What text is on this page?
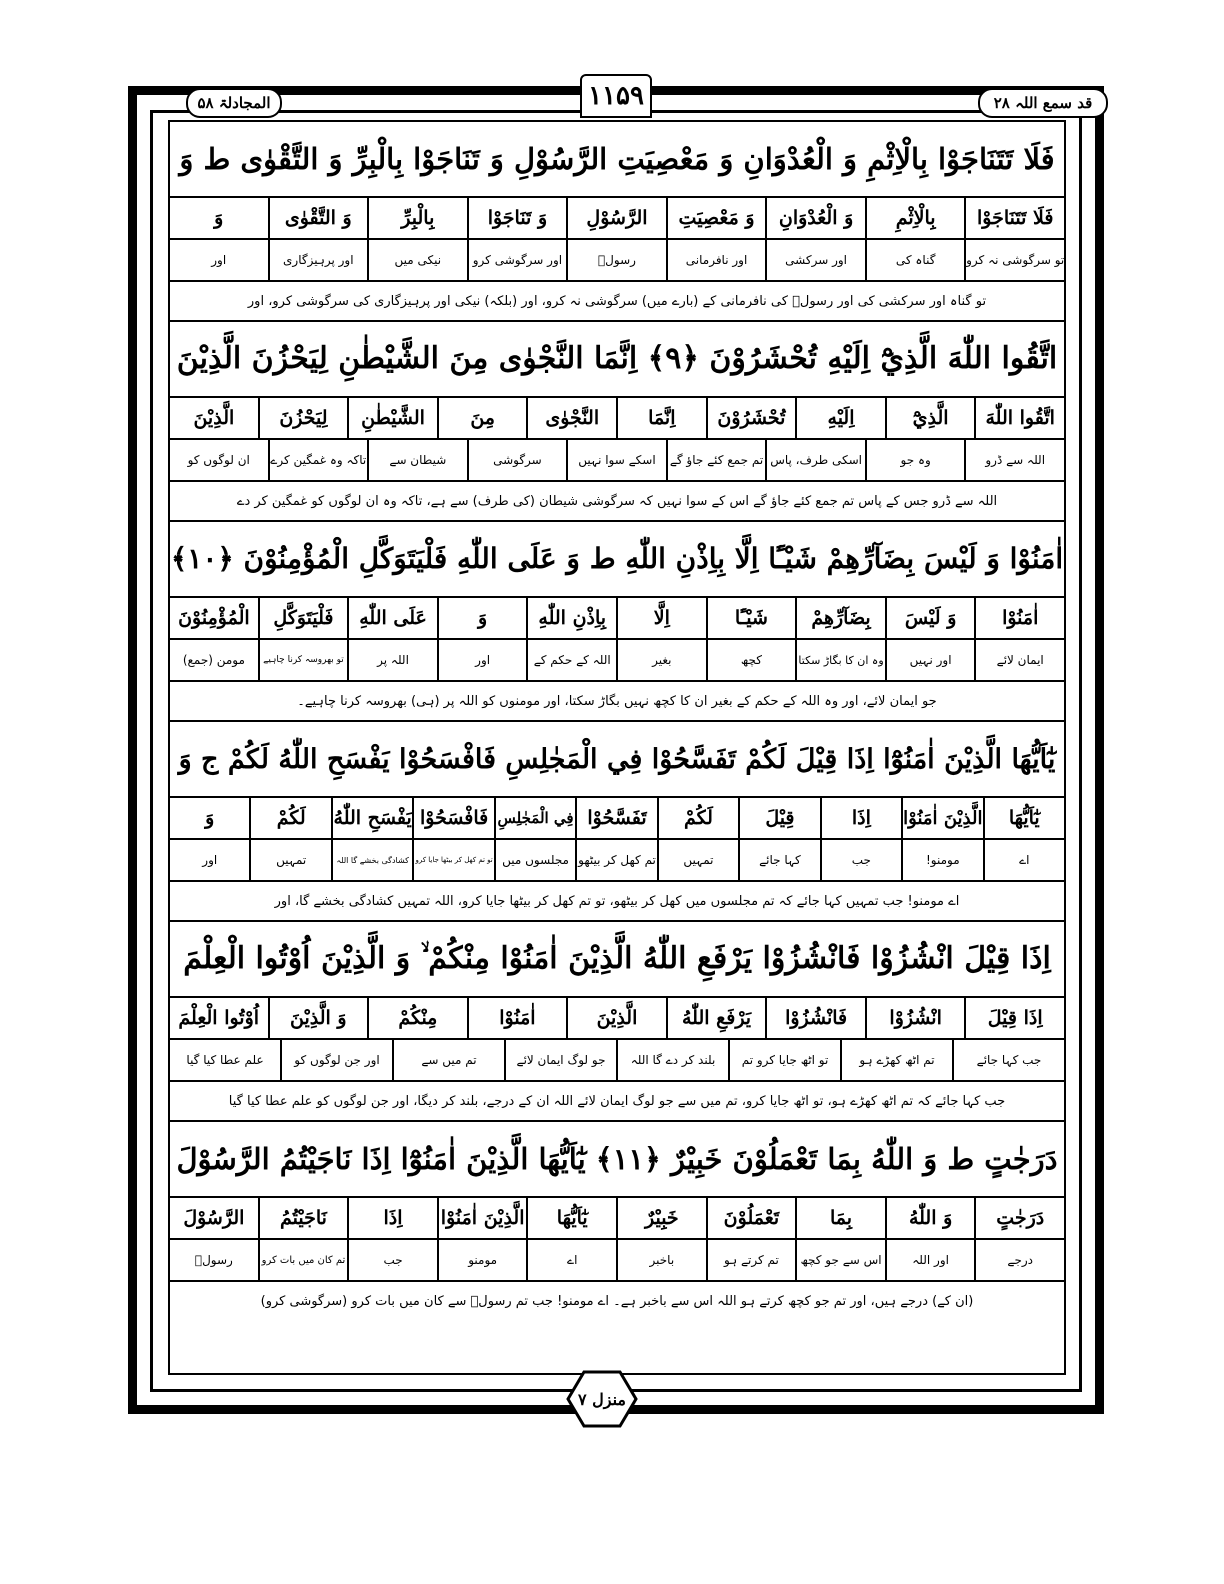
قد سمع اللہ ۲۸
۱۱۵۹
المجادلۃ ۵۸
فَلَا تَتَنَاجَوْا بِالْاِثْمِ وَ الْعُدْوَانِ وَ مَعْصِيَتِ الرَّسُوْلِ وَ تَنَاجَوْا بِالْبِرِّ وَ التَّقْوٰى ط وَ
فَلَا تَتَنَاجَوْا
بِالْاِثْمِ
وَ الْعُدْوَانِ
وَ مَعْصِيَتِ
الرَّسُوْلِ
وَ تَنَاجَوْا
بِالْبِرِّ
وَ التَّقْوٰى
وَ
تو سرگوشی نہ کرو
گناہ کی
اور سرکشی
اور نافرمانی
رسولؐ
اور سرگوشی کرو
نیکی میں
اور پرہیزگاری
اور
تو گناہ اور سرکشی کی اور رسولؐ کی نافرمانی کے (بارے میں) سرگوشی نہ کرو، اور (بلکہ) نیکی اور پرہیزگاری کی سرگوشی کرو، اور
اتَّقُوا اللّٰهَ الَّذِيْٓ اِلَيْهِ تُحْشَرُوْنَ ﴿۹﴾ اِنَّمَا النَّجْوٰى مِنَ الشَّيْطٰنِ لِيَحْزُنَ الَّذِيْنَ
اتَّقُوا اللّٰهَ
الَّذِيْٓ
اِلَيْهِ
تُحْشَرُوْنَ
اِنَّمَا
النَّجْوٰى
مِنَ
الشَّيْطٰنِ
لِيَحْزُنَ
الَّذِيْنَ
اللہ سے ڈرو
وہ جو
اسکی طرف، پاس
تم جمع کئے جاؤ گے
اسکے سوا نہیں
سرگوشی
شیطان سے
تاکہ وہ غمگین کرے
ان لوگوں کو
اللہ سے ڈرو جس کے پاس تم جمع کئے جاؤ گے اس کے سوا نہیں کہ سرگوشی شیطان (کی طرف) سے ہے، تاکہ وہ ان لوگوں کو غمگین کر دے
اٰمَنُوْا وَ لَيْسَ بِضَآرِّهِمْ شَيْـًٔا اِلَّا بِاِذْنِ اللّٰهِ ط وَ عَلَى اللّٰهِ فَلْيَتَوَكَّلِ الْمُؤْمِنُوْنَ ﴿۱۰﴾
اٰمَنُوْا
وَ لَيْسَ
بِضَآرِّهِمْ
شَيْـًٔا
اِلَّا
بِاِذْنِ اللّٰهِ
وَ
عَلَى اللّٰهِ
فَلْيَتَوَكَّلِ
الْمُؤْمِنُوْنَ
ایمان لائے
اور نہیں
وہ ان کا بگاڑ سکتا
کچھ
بغیر
اللہ کے حکم کے
اور
اللہ پر
تو بھروسہ کرنا چاہیے
مومن (جمع)
جو ایمان لائے، اور وہ اللہ کے حکم کے بغیر ان کا کچھ نہیں بگاڑ سکتا، اور مومنوں کو اللہ پر (ہی) بھروسہ کرنا چاہیے۔
يٰٓاَيُّهَا الَّذِيْنَ اٰمَنُوْٓا اِذَا قِيْلَ لَكُمْ تَفَسَّحُوْا فِي الْمَجٰلِسِ فَافْسَحُوْا يَفْسَحِ اللّٰهُ لَكُمْ ج وَ
يٰٓاَيُّهَا
الَّذِيْنَ اٰمَنُوْا
اِذَا
قِيْلَ
لَكُمْ
تَفَسَّحُوْا
فِي الْمَجٰلِسِ
فَافْسَحُوْا
يَفْسَحِ اللّٰهُ
لَكُمْ
وَ
اے
مومنو!
جب
کہا جائے
تمہیں
تم کھل کر بیٹھو
مجلسوں میں
تو تم کھل کر بیٹھا جایا کرو
کشادگی بخشے گا اللہ
تمہیں
اور
اے مومنو! جب تمہیں کہا جائے کہ تم مجلسوں میں کھل کر بیٹھو، تو تم کھل کر بیٹھا جایا کرو، اللہ تمہیں کشادگی بخشے گا، اور
اِذَا قِيْلَ انْشُزُوْا فَانْشُزُوْا يَرْفَعِ اللّٰهُ الَّذِيْنَ اٰمَنُوْا مِنْكُمْ ۙ وَ الَّذِيْنَ اُوْتُوا الْعِلْمَ
اِذَا قِيْلَ
انْشُزُوْا
فَانْشُزُوْا
يَرْفَعِ اللّٰهُ
الَّذِيْنَ
اٰمَنُوْا
مِنْكُمْ
وَ الَّذِيْنَ
اُوْتُوا الْعِلْمَ
جب کہا جائے
تم اٹھ کھڑے ہو
تو اٹھ جایا کرو تم
بلند کر دے گا اللہ
جو لوگ ایمان لائے
تم میں سے
اور جن لوگوں کو
علم عطا کیا گیا
جب کہا جائے کہ تم اٹھ کھڑے ہو، تو اٹھ جایا کرو، تم میں سے جو لوگ ایمان لائے اللہ ان کے درجے، بلند کر دیگا، اور جن لوگوں کو علم عطا کیا گیا
دَرَجٰتٍ ط وَ اللّٰهُ بِمَا تَعْمَلُوْنَ خَبِيْرٌ ﴿۱۱﴾ يٰٓاَيُّهَا الَّذِيْنَ اٰمَنُوْٓا اِذَا نَاجَيْتُمُ الرَّسُوْلَ
دَرَجٰتٍ
وَ اللّٰهُ
بِمَا
تَعْمَلُوْنَ
خَبِيْرٌ
يٰٓاَيُّهَا
الَّذِيْنَ اٰمَنُوْا
اِذَا
نَاجَيْتُمُ
الرَّسُوْلَ
درجے
اور اللہ
اس سے جو کچھ
تم کرتے ہو
باخبر
اے
مومنو
جب
تم کان میں بات کرو
رسولؐ
(ان کے) درجے ہیں، اور تم جو کچھ کرتے ہو اللہ اس سے باخبر ہے۔ اے مومنو! جب تم رسولؐ سے کان میں بات کرو (سرگوشی کرو)
منزل ۷
